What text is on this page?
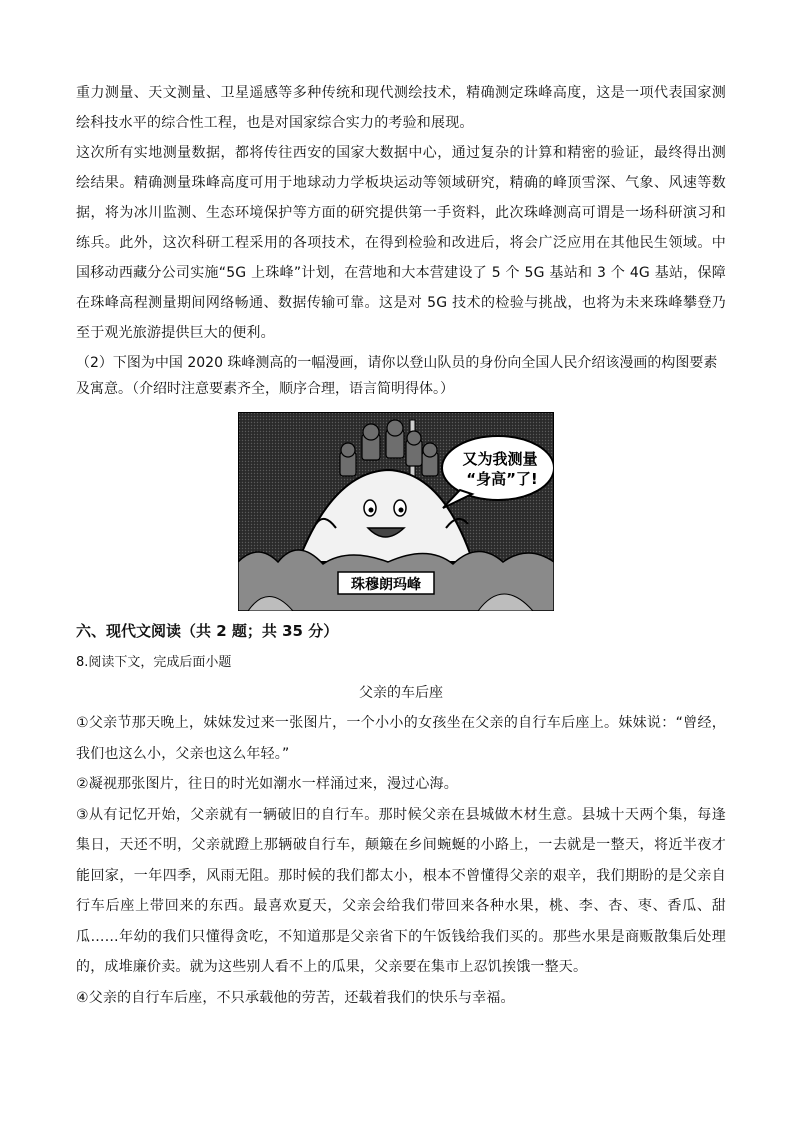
重力测量、天文测量、卫星遥感等多种传统和现代测绘技术，精确测定珠峰高度，这是一项代表国家测绘科技水平的综合性工程，也是对国家综合实力的考验和展现。

这次所有实地测量数据，都将传往西安的国家大数据中心，通过复杂的计算和精密的验证，最终得出测绘结果。精确测量珠峰高度可用于地球动力学板块运动等领域研究，精确的峰顶雪深、气象、风速等数据，将为冰川监测、生态环境保护等方面的研究提供第一手资料，此次珠峰测高可谓是一场科研演习和练兵。此外，这次科研工程采用的各项技术，在得到检验和改进后，将会广泛应用在其他民生领域。中国移动西藏分公司实施“5G 上珠峰”计划，在营地和大本营建设了 5 个 5G 基站和 3 个 4G 基站，保障在珠峰高程测量期间网络畅通、数据传输可靠。这是对 5G 技术的检验与挑战，也将为未来珠峰攀登乃至于观光旅游提供巨大的便利。

（2）下图为中国 2020 珠峰测高的一幅漫画，请你以登山队员的身份向全国人民介绍该漫画的构图要素及寓意。（介绍时注意要素齐全，顺序合理，语言简明得体。）

又为我测量
“身高”了!
珠穆朗玛峰
六、现代文阅读（共 2 题；共 35 分）
8.阅读下文，完成后面小题
父亲的车后座

①父亲节那天晚上，妹妹发过来一张图片，一个小小的女孩坐在父亲的自行车后座上。妹妹说：“曾经，我们也这么小，父亲也这么年轻。”

②凝视那张图片，往日的时光如潮水一样涌过来，漫过心海。

③从有记忆开始，父亲就有一辆破旧的自行车。那时候父亲在县城做木材生意。县城十天两个集，每逢集日，天还不明，父亲就蹬上那辆破自行车，颠簸在乡间蜿蜒的小路上，一去就是一整天，将近半夜才能回家，一年四季，风雨无阻。那时候的我们都太小，根本不曾懂得父亲的艰辛，我们期盼的是父亲自行车后座上带回来的东西。最喜欢夏天，父亲会给我们带回来各种水果，桃、李、杏、枣、香瓜、甜瓜……年幼的我们只懂得贪吃，不知道那是父亲省下的午饭钱给我们买的。那些水果是商贩散集后处理的，成堆廉价卖。就为这些别人看不上的瓜果，父亲要在集市上忍饥挨饿一整天。

④父亲的自行车后座，不只承载他的劳苦，还载着我们的快乐与幸福。
